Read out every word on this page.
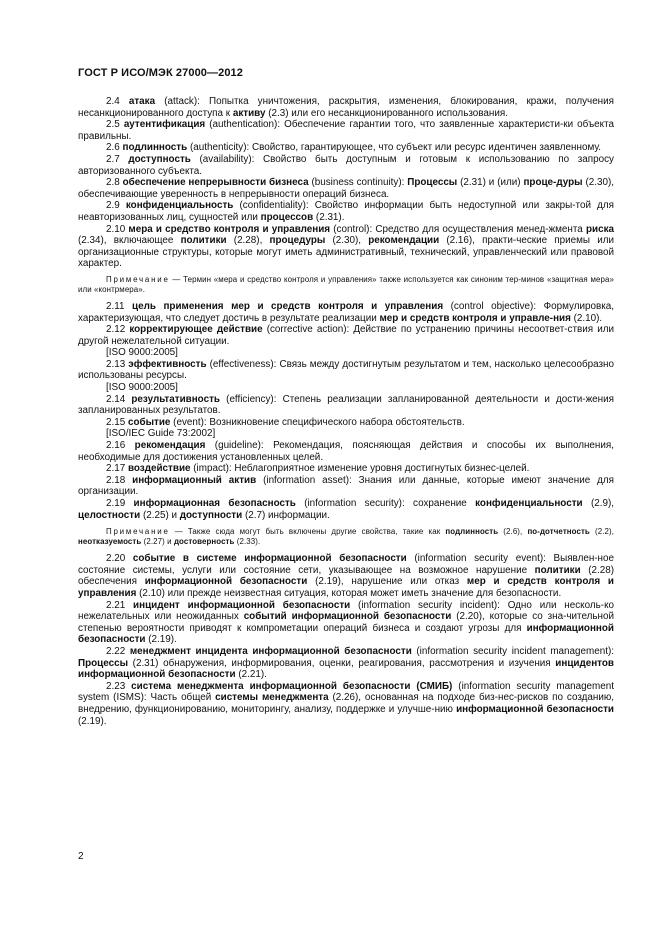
ГОСТ Р ИСО/МЭК 27000—2012

2.4 атака (attack): Попытка уничтожения, раскрытия, изменения, блокирования, кражи, получения несанкционированного доступа к активу (2.3) или его несанкционированного использования.

2.5 аутентификация (authentication): Обеспечение гарантии того, что заявленные характеристи-ки объекта правильны.

2.6 подлинность (authenticity): Свойство, гарантирующее, что субъект или ресурс идентичен заявленному.

2.7 доступность (availability): Свойство быть доступным и готовым к использованию по запросу авторизованного субъекта.

2.8 обеспечение непрерывности бизнеса (business continuity): Процессы (2.31) и (или) проце-дуры (2.30), обеспечивающие уверенность в непрерывности операций бизнеса.

2.9 конфиденциальность (confidentiality): Свойство информации быть недоступной или закры-той для неавторизованных лиц, сущностей или процессов (2.31).

2.10 мера и средство контроля и управления (control): Средство для осуществления менед-жмента риска (2.34), включающее политики (2.28), процедуры (2.30), рекомендации (2.16), практи-ческие приемы или организационные структуры, которые могут иметь административный, технический, управленческий или правовой характер.

Примечание — Термин «мера и средство контроля и управления» также используется как синоним тер-минов «защитная мера» или «контрмера».

2.11 цель применения мер и средств контроля и управления (control objective): Формулировка, характеризующая, что следует достичь в результате реализации мер и средств контроля и управле-ния (2.10).

2.12 корректирующее действие (corrective action): Действие по устранению причины несоответ-ствия или другой нежелательной ситуации.

[ISO 9000:2005]

2.13 эффективность (effectiveness): Связь между достигнутым результатом и тем, насколько целесообразно использованы ресурсы.

[ISO 9000:2005]

2.14 результативность (efficiency): Степень реализации запланированной деятельности и дости-жения запланированных результатов.

2.15 событие (event): Возникновение специфического набора обстоятельств.

[ISO/IEC Guide 73:2002]

2.16 рекомендация (guideline): Рекомендация, поясняющая действия и способы их выполнения, необходимые для достижения установленных целей.

2.17 воздействие (impact): Неблагоприятное изменение уровня достигнутых бизнес-целей.

2.18 информационный актив (information asset): Знания или данные, которые имеют значение для организации.

2.19 информационная безопасность (information security): сохранение конфиденциальности (2.9), целостности (2.25) и доступности (2.7) информации.

Примечание — Также сюда могут быть включены другие свойства, такие как подлинность (2.6), по-дотчетность (2.2), неотказуемость (2.27) и достоверность (2.33).

2.20 событие в системе информационной безопасности (information security event): Выявлен-ное состояние системы, услуги или состояние сети, указывающее на возможное нарушение политики (2.28) обеспечения информационной безопасности (2.19), нарушение или отказ мер и средств контроля и управления (2.10) или прежде неизвестная ситуация, которая может иметь значение для безопасности.

2.21 инцидент информационной безопасности (information security incident): Одно или несколь-ко нежелательных или неожиданных событий информационной безопасности (2.20), которые со зна-чительной степенью вероятности приводят к компрометации операций бизнеса и создают угрозы для информационной безопасности (2.19).

2.22 менеджмент инцидента информационной безопасности (information security incident management): Процессы (2.31) обнаружения, информирования, оценки, реагирования, рассмотрения и изучения инцидентов информационной безопасности (2.21).

2.23 система менеджмента информационной безопасности (СМИБ) (information security management system (ISMS): Часть общей системы менеджмента (2.26), основанная на подходе биз-нес-рисков по созданию, внедрению, функционированию, мониторингу, анализу, поддержке и улучше-нию информационной безопасности (2.19).

2
